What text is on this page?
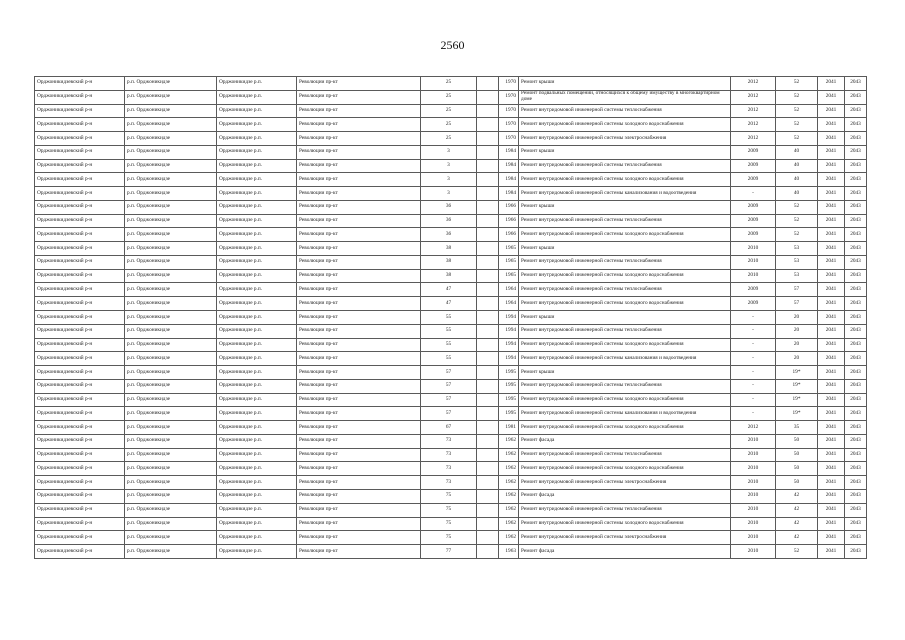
2560
Орджоникидзевский р-н	р.п. Орджоникидзе	Орджоникидзе р.п.	Революции пр-кт	25		1970	Ремонт крыши	2012	52	2041	2043
Орджоникидзевский р-н	р.п. Орджоникидзе	Орджоникидзе р.п.	Революции пр-кт	25		1970	Ремонт подвальных помещений, относящихся к общему имуществу в многоквартирном доме	2012	52	2041	2043
Орджоникидзевский р-н	р.п. Орджоникидзе	Орджоникидзе р.п.	Революции пр-кт	25		1970	Ремонт внутридомовой инженерной системы теплоснабжения	2012	52	2041	2043
Орджоникидзевский р-н	р.п. Орджоникидзе	Орджоникидзе р.п.	Революции пр-кт	25		1970	Ремонт внутридомовой инженерной системы холодного водоснабжения	2012	52	2041	2043
Орджоникидзевский р-н	р.п. Орджоникидзе	Орджоникидзе р.п.	Революции пр-кт	25		1970	Ремонт внутридомовой инженерной системы электроснабжения	2012	52	2041	2043
Орджоникидзевский р-н	р.п. Орджоникидзе	Орджоникидзе р.п.	Революции пр-кт	3		1984	Ремонт крыши	2009	40	2041	2043
Орджоникидзевский р-н	р.п. Орджоникидзе	Орджоникидзе р.п.	Революции пр-кт	3		1984	Ремонт внутридомовой инженерной системы теплоснабжения	2009	40	2041	2043
Орджоникидзевский р-н	р.п. Орджоникидзе	Орджоникидзе р.п.	Революции пр-кт	3		1984	Ремонт внутридомовой инженерной системы холодного водоснабжения	2009	40	2041	2043
Орджоникидзевский р-н	р.п. Орджоникидзе	Орджоникидзе р.п.	Революции пр-кт	3		1984	Ремонт внутридомовой инженерной системы канализования и водоотведения	-	40	2041	2043
Орджоникидзевский р-н	р.п. Орджоникидзе	Орджоникидзе р.п.	Революции пр-кт	36		1966	Ремонт крыши	2009	52	2041	2043
Орджоникидзевский р-н	р.п. Орджоникидзе	Орджоникидзе р.п.	Революции пр-кт	36		1966	Ремонт внутридомовой инженерной системы теплоснабжения	2009	52	2041	2043
Орджоникидзевский р-н	р.п. Орджоникидзе	Орджоникидзе р.п.	Революции пр-кт	36		1966	Ремонт внутридомовой инженерной системы холодного водоснабжения	2009	52	2041	2043
Орджоникидзевский р-н	р.п. Орджоникидзе	Орджоникидзе р.п.	Революции пр-кт	38		1965	Ремонт крыши	2010	53	2041	2043
Орджоникидзевский р-н	р.п. Орджоникидзе	Орджоникидзе р.п.	Революции пр-кт	38		1965	Ремонт внутридомовой инженерной системы теплоснабжения	2010	53	2041	2043
Орджоникидзевский р-н	р.п. Орджоникидзе	Орджоникидзе р.п.	Революции пр-кт	38		1965	Ремонт внутридомовой инженерной системы холодного водоснабжения	2010	53	2041	2043
Орджоникидзевский р-н	р.п. Орджоникидзе	Орджоникидзе р.п.	Революции пр-кт	47		1964	Ремонт внутридомовой инженерной системы теплоснабжения	2009	57	2041	2043
Орджоникидзевский р-н	р.п. Орджоникидзе	Орджоникидзе р.п.	Революции пр-кт	47		1964	Ремонт внутридомовой инженерной системы холодного водоснабжения	2009	57	2041	2043
Орджоникидзевский р-н	р.п. Орджоникидзе	Орджоникидзе р.п.	Революции пр-кт	55		1994	Ремонт крыши	-	20	2041	2043
Орджоникидзевский р-н	р.п. Орджоникидзе	Орджоникидзе р.п.	Революции пр-кт	55		1994	Ремонт внутридомовой инженерной системы теплоснабжения	-	20	2041	2043
Орджоникидзевский р-н	р.п. Орджоникидзе	Орджоникидзе р.п.	Революции пр-кт	55		1994	Ремонт внутридомовой инженерной системы холодного водоснабжения	-	20	2041	2043
Орджоникидзевский р-н	р.п. Орджоникидзе	Орджоникидзе р.п.	Революции пр-кт	55		1994	Ремонт внутридомовой инженерной системы канализования и водоотведения	-	20	2041	2043
Орджоникидзевский р-н	р.п. Орджоникидзе	Орджоникидзе р.п.	Революции пр-кт	57		1995	Ремонт крыши	-	19*	2041	2043
Орджоникидзевский р-н	р.п. Орджоникидзе	Орджоникидзе р.п.	Революции пр-кт	57		1995	Ремонт внутридомовой инженерной системы теплоснабжения	-	19*	2041	2043
Орджоникидзевский р-н	р.п. Орджоникидзе	Орджоникидзе р.п.	Революции пр-кт	57		1995	Ремонт внутридомовой инженерной системы холодного водоснабжения	-	19*	2041	2043
Орджоникидзевский р-н	р.п. Орджоникидзе	Орджоникидзе р.п.	Революции пр-кт	57		1995	Ремонт внутридомовой инженерной системы канализования и водоотведения	-	19*	2041	2043
Орджоникидзевский р-н	р.п. Орджоникидзе	Орджоникидзе р.п.	Революции пр-кт	67		1981	Ремонт внутридомовой инженерной системы холодного водоснабжения	2012	35	2041	2043
Орджоникидзевский р-н	р.п. Орджоникидзе	Орджоникидзе р.п.	Революции пр-кт	73		1962	Ремонт фасада	2010	50	2041	2043
Орджоникидзевский р-н	р.п. Орджоникидзе	Орджоникидзе р.п.	Революции пр-кт	73		1962	Ремонт внутридомовой инженерной системы теплоснабжения	2010	50	2041	2043
Орджоникидзевский р-н	р.п. Орджоникидзе	Орджоникидзе р.п.	Революции пр-кт	73		1962	Ремонт внутридомовой инженерной системы холодного водоснабжения	2010	50	2041	2043
Орджоникидзевский р-н	р.п. Орджоникидзе	Орджоникидзе р.п.	Революции пр-кт	73		1962	Ремонт внутридомовой инженерной системы электроснабжения	2010	50	2041	2043
Орджоникидзевский р-н	р.п. Орджоникидзе	Орджоникидзе р.п.	Революции пр-кт	75		1962	Ремонт фасада	2010	42	2041	2043
Орджоникидзевский р-н	р.п. Орджоникидзе	Орджоникидзе р.п.	Революции пр-кт	75		1962	Ремонт внутридомовой инженерной системы теплоснабжения	2010	42	2041	2043
Орджоникидзевский р-н	р.п. Орджоникидзе	Орджоникидзе р.п.	Революции пр-кт	75		1962	Ремонт внутридомовой инженерной системы холодного водоснабжения	2010	42	2041	2043
Орджоникидзевский р-н	р.п. Орджоникидзе	Орджоникидзе р.п.	Революции пр-кт	75		1962	Ремонт внутридомовой инженерной системы электроснабжения	2010	42	2041	2043
Орджоникидзевский р-н	р.п. Орджоникидзе	Орджоникидзе р.п.	Революции пр-кт	77		1963	Ремонт фасада	2010	52	2041	2043
